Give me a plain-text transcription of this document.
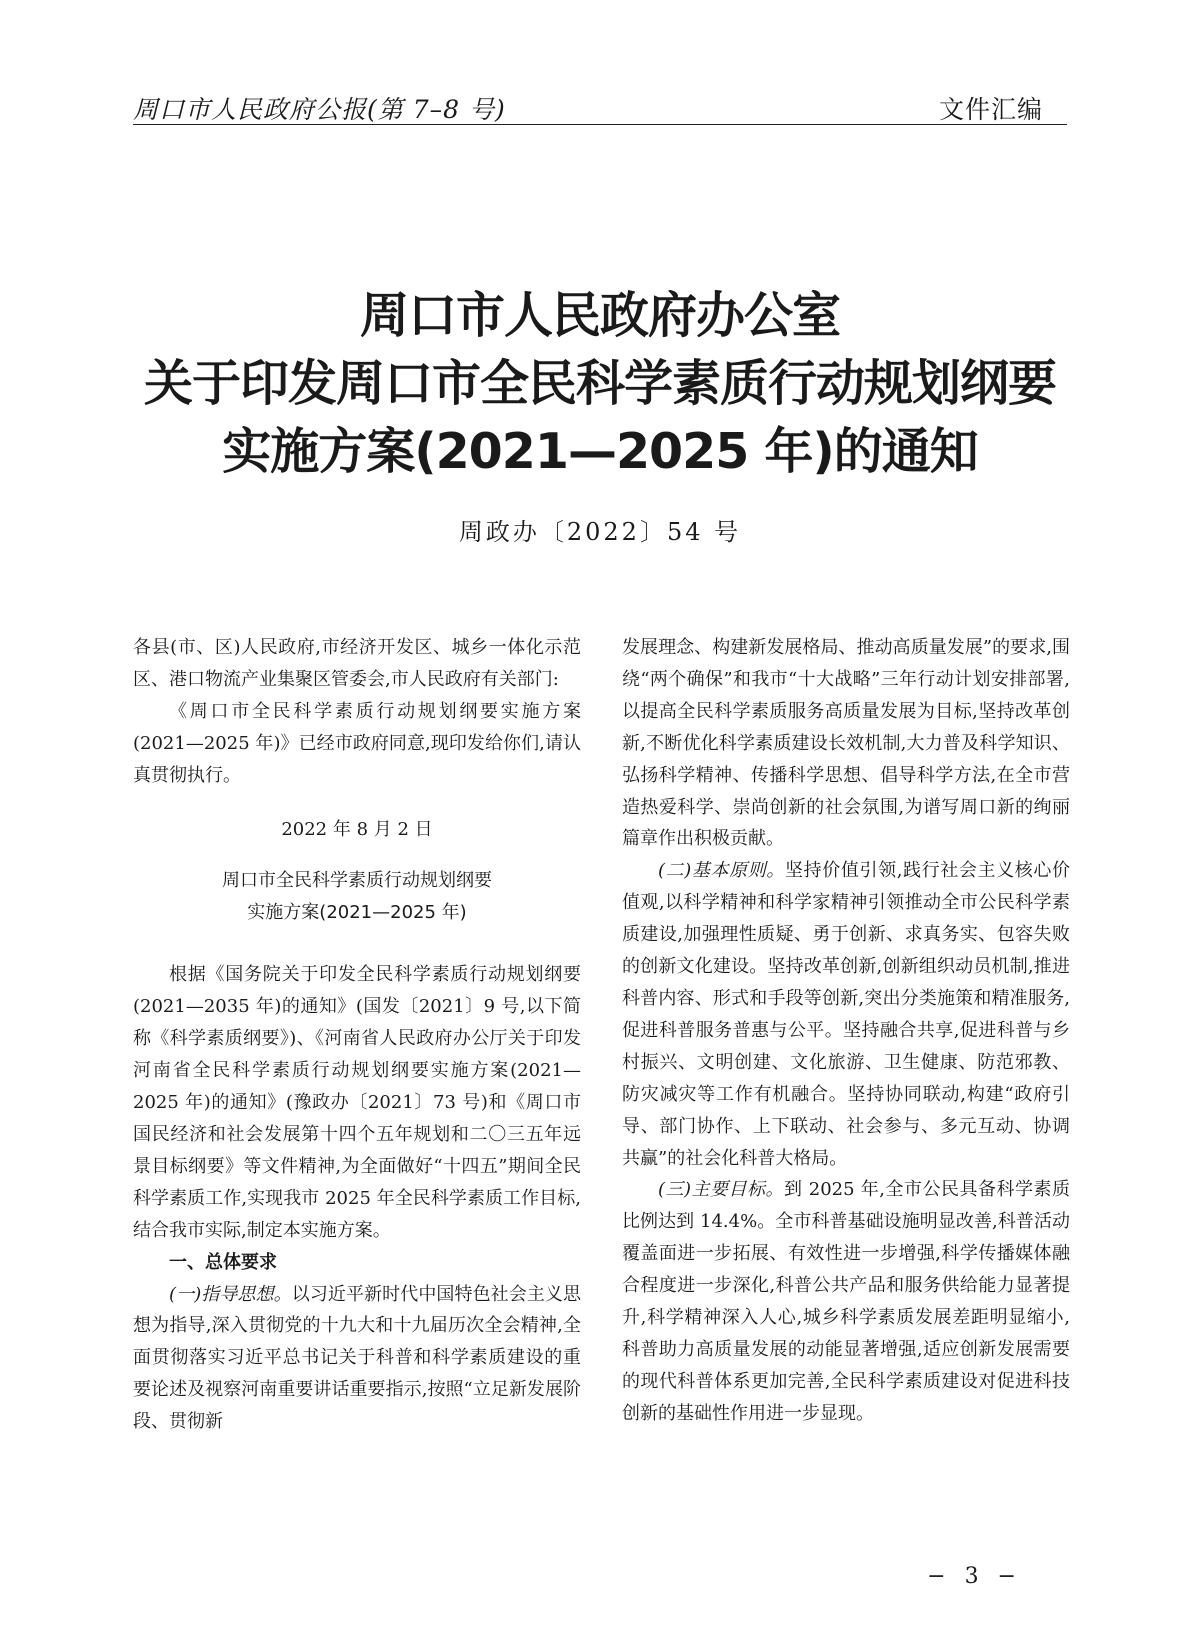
周口市人民政府公报(第 7–8 号)	文件汇编
周口市人民政府办公室
关于印发周口市全民科学素质行动规划纲要
实施方案(2021—2025 年)的通知
周政办〔2022〕54 号

各县(市、区)人民政府,市经济开发区、城乡一体化示范区、港口物流产业集聚区管委会,市人民政府有关部门:

《周口市全民科学素质行动规划纲要实施方案(2021—2025 年)》已经市政府同意,现印发给你们,请认真贯彻执行。

2022 年 8 月 2 日

周口市全民科学素质行动规划纲要
实施方案(2021—2025 年)

根据《国务院关于印发全民科学素质行动规划纲要(2021—2035 年)的通知》(国发〔2021〕9 号,以下简称《科学素质纲要》)、《河南省人民政府办公厅关于印发河南省全民科学素质行动规划纲要实施方案(2021—2025 年)的通知》(豫政办〔2021〕73 号)和《周口市国民经济和社会发展第十四个五年规划和二〇三五年远景目标纲要》等文件精神,为全面做好“十四五”期间全民科学素质工作,实现我市 2025 年全民科学素质工作目标,结合我市实际,制定本实施方案。

一、总体要求

(一)指导思想。以习近平新时代中国特色社会主义思想为指导,深入贯彻党的十九大和十九届历次全会精神,全面贯彻落实习近平总书记关于科普和科学素质建设的重要论述及视察河南重要讲话重要指示,按照“立足新发展阶段、贯彻新

发展理念、构建新发展格局、推动高质量发展”的要求,围绕“两个确保”和我市“十大战略”三年行动计划安排部署,以提高全民科学素质服务高质量发展为目标,坚持改革创新,不断优化科学素质建设长效机制,大力普及科学知识、弘扬科学精神、传播科学思想、倡导科学方法,在全市营造热爱科学、崇尚创新的社会氛围,为谱写周口新的绚丽篇章作出积极贡献。

(二)基本原则。坚持价值引领,践行社会主义核心价值观,以科学精神和科学家精神引领推动全市公民科学素质建设,加强理性质疑、勇于创新、求真务实、包容失败的创新文化建设。坚持改革创新,创新组织动员机制,推进科普内容、形式和手段等创新,突出分类施策和精准服务,促进科普服务普惠与公平。坚持融合共享,促进科普与乡村振兴、文明创建、文化旅游、卫生健康、防范邪教、防灾减灾等工作有机融合。坚持协同联动,构建“政府引导、部门协作、上下联动、社会参与、多元互动、协调共赢”的社会化科普大格局。

(三)主要目标。到 2025 年,全市公民具备科学素质比例达到 14.4%。全市科普基础设施明显改善,科普活动覆盖面进一步拓展、有效性进一步增强,科学传播媒体融合程度进一步深化,科普公共产品和服务供给能力显著提升,科学精神深入人心,城乡科学素质发展差距明显缩小,科普助力高质量发展的动能显著增强,适应创新发展需要的现代科普体系更加完善,全民科学素质建设对促进科技创新的基础性作用进一步显现。

− 3 −
